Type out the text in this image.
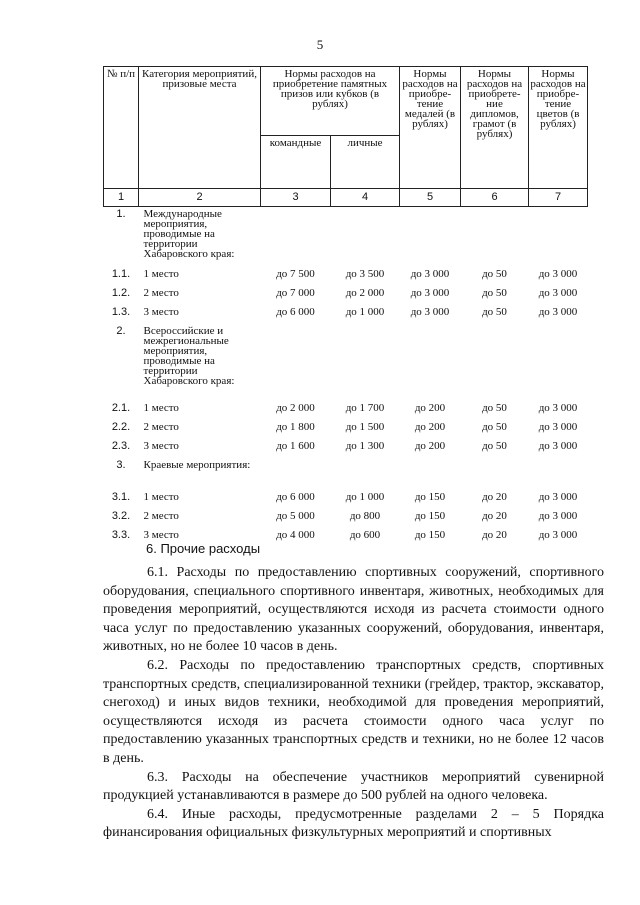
5
№ п/п	Категория мероприятий, призовые места	Нормы расходов на приобретение памятных призов или кубков (в рублях)		Нормы расходов на приобре- тение медалей (в рублях)	Нормы расходов на приобрете- ние дипломов, грамот (в рублях)	Нормы расходов на приобре- тение цветов (в рублях)
		командные	личные			
1	2	3	4	5	6	7
1.	Международные мероприятия, проводимые на территории Хабаровского края:					
1.1.	1 место	до 7 500	до 3 500	до 3 000	до 50	до 3 000
1.2.	2 место	до 7 000	до 2 000	до 3 000	до 50	до 3 000
1.3.	3 место	до 6 000	до 1 000	до 3 000	до 50	до 3 000
2.	Всероссийские и межрегиональные мероприятия, проводимые на территории Хабаровского края:					
2.1.	1 место	до 2 000	до 1 700	до 200	до 50	до 3 000
2.2.	2 место	до 1 800	до 1 500	до 200	до 50	до 3 000
2.3.	3 место	до 1 600	до 1 300	до 200	до 50	до 3 000
3.	Краевые мероприятия:					
3.1.	1 место	до 6 000	до 1 000	до 150	до 20	до 3 000
3.2.	2 место	до 5 000	до 800	до 150	до 20	до 3 000
3.3.	3 место	до 4 000	до 600	до 150	до 20	до 3 000
6. Прочие расходы

6.1. Расходы по предоставлению спортивных сооружений, спортивного оборудования, специального спортивного инвентаря, животных, необходимых для проведения мероприятий, осуществляются исходя из расчета стоимости одного часа услуг по предоставлению указанных сооружений, оборудования, инвентаря, животных, но не более 10 часов в день.

6.2. Расходы по предоставлению транспортных средств, спортивных транспортных средств, специализированной техники (грейдер, трактор, экскаватор, снегоход) и иных видов техники, необходимой для проведения мероприятий, осуществляются исходя из расчета стоимости одного часа услуг по предоставлению указанных транспортных средств и техники, но не более 12 часов в день.

6.3. Расходы на обеспечение участников мероприятий сувенирной продукцией устанавливаются в размере до 500 рублей на одного человека.

6.4. Иные расходы, предусмотренные разделами 2 – 5 Порядка финансирования официальных физкультурных мероприятий и спортивных
